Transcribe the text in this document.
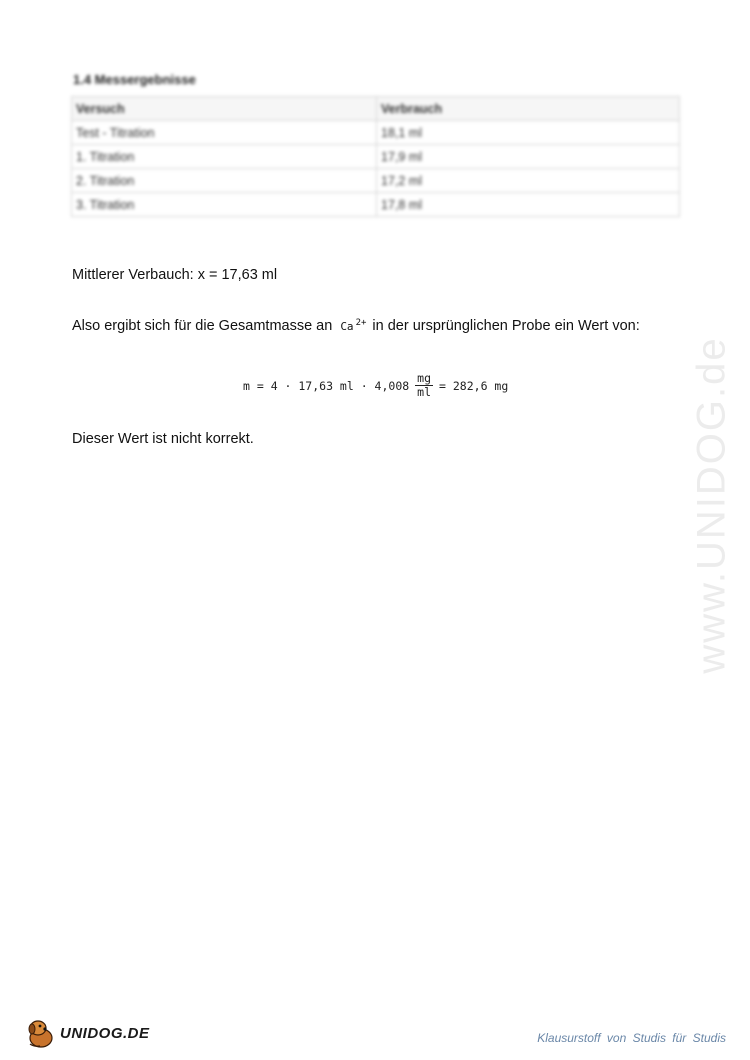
1.4 Messergebnisse
Versuch	Verbrauch
Test - Titration	18,1 ml
1. Titration	17,9 ml
2. Titration	17,2 ml
3. Titration	17,8 ml
Mittlerer Verbauch: x = 17,63 ml
Also ergibt sich für die Gesamtmasse an Ca $^{2+}$ in der ursprünglichen Probe ein Wert von:
m = 4 · 17,63 ml · $4,008 \frac{mg}{ml} = 282,6$ mg
Dieser Wert ist nicht korrekt.	www.UNIDOG.de
UNIDOG.DE	Klausurstoff von Studis für Studis
